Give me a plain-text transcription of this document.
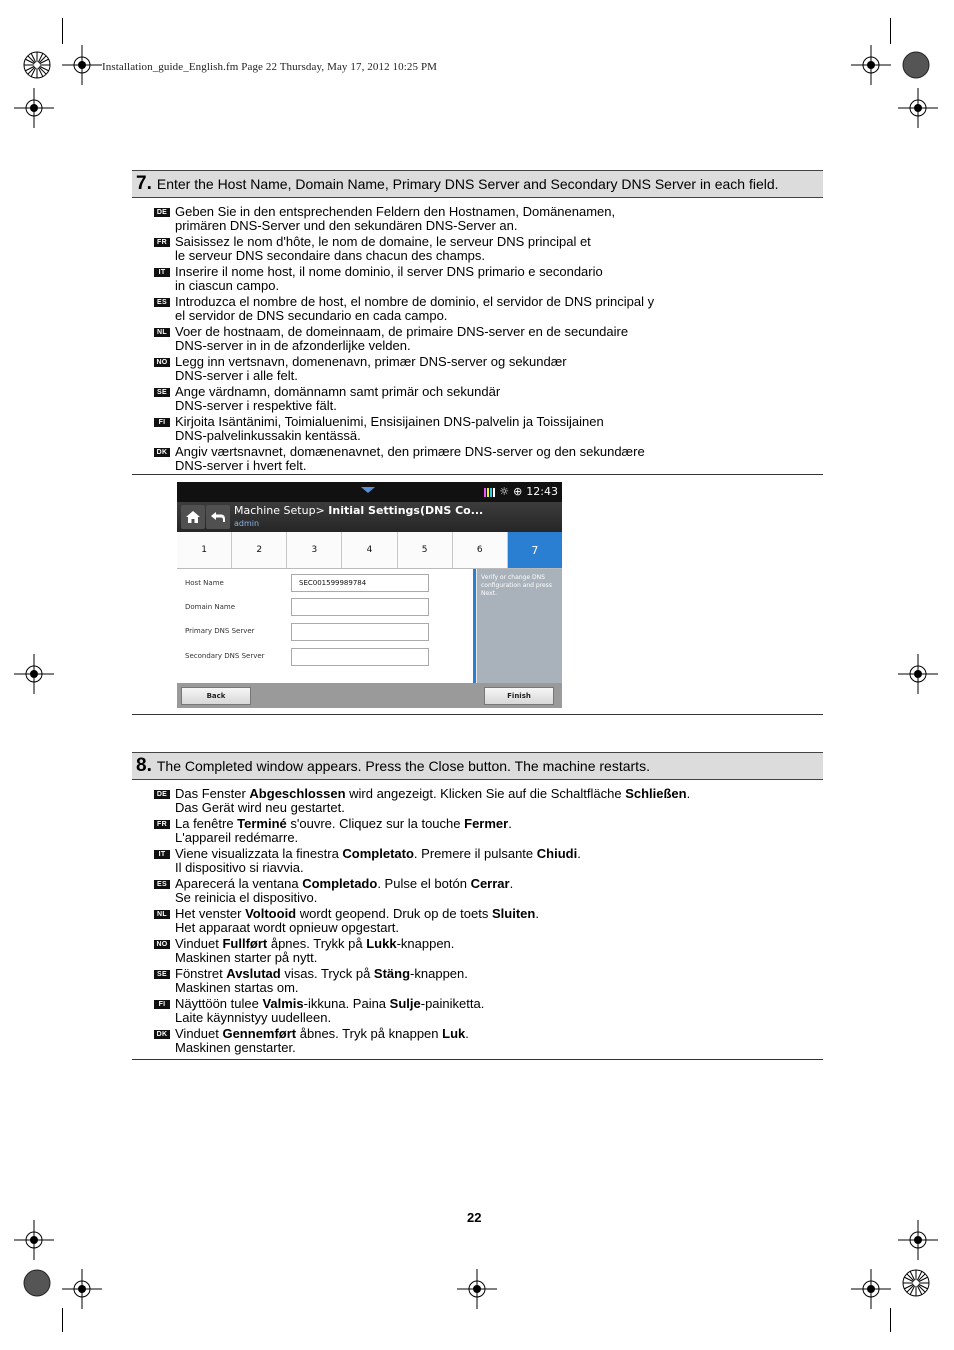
Installation_guide_English.fm Page 22 Thursday, May 17, 2012 10:25 PM
7. Enter the Host Name, Domain Name, Primary DNS Server and Secondary DNS Server in each field.
DE Geben Sie in den entsprechenden Feldern den Hostnamen, Domänenamen,
primären DNS-Server und den sekundären DNS-Server an.
FR Saisissez le nom d'hôte, le nom de domaine, le serveur DNS principal et
le serveur DNS secondaire dans chacun des champs.
IT Inserire il nome host, il nome dominio, il server DNS primario e secondario
in ciascun campo.
ES Introduzca el nombre de host, el nombre de dominio, el servidor de DNS principal y
el servidor de DNS secundario en cada campo.
NL Voer de hostnaam, de domeinnaam, de primaire DNS-server en de secundaire
DNS-server in in de afzonderlijke velden.
NO Legg inn vertsnavn, domenenavn, primær DNS-server og sekundær
DNS-server i alle felt.
SE Ange värdnamn, domännamn samt primär och sekundär
DNS-server i respektive fält.
FI Kirjoita Isäntänimi, Toimialuenimi, Ensisijainen DNS-palvelin ja Toissijainen
DNS-palvelinkussakin kentässä.
DK Angiv værtsnavnet, domænenavnet, den primære DNS-server og den sekundære
DNS-server i hvert felt.
☼ ⊕ 12:43
Machine Setup> Initial Settings(DNS Co...
admin
1	2	3	4	5	6	7
Host Name	SEC001599989784
Domain Name
Primary DNS Server
Secondary DNS Server
Verify or change DNS configuration and press Next.
Back	Finish
8. The Completed window appears. Press the Close button. The machine restarts.
DE Das Fenster Abgeschlossen wird angezeigt. Klicken Sie auf die Schaltfläche Schließen.
Das Gerät wird neu gestartet.
FR La fenêtre Terminé s'ouvre. Cliquez sur la touche Fermer.
L'appareil redémarre.
IT Viene visualizzata la finestra Completato. Premere il pulsante Chiudi.
Il dispositivo si riavvia.
ES Aparecerá la ventana Completado. Pulse el botón Cerrar.
Se reinicia el dispositivo.
NL Het venster Voltooid wordt geopend. Druk op de toets Sluiten.
Het apparaat wordt opnieuw opgestart.
NO Vinduet Fullført åpnes. Trykk på Lukk-knappen.
Maskinen starter på nytt.
SE Fönstret Avslutad visas. Tryck på Stäng-knappen.
Maskinen startas om.
FI Näyttöön tulee Valmis-ikkuna. Paina Sulje-painiketta.
Laite käynnistyy uudelleen.
DK Vinduet Gennemført åbnes. Tryk på knappen Luk.
Maskinen genstarter.
22
